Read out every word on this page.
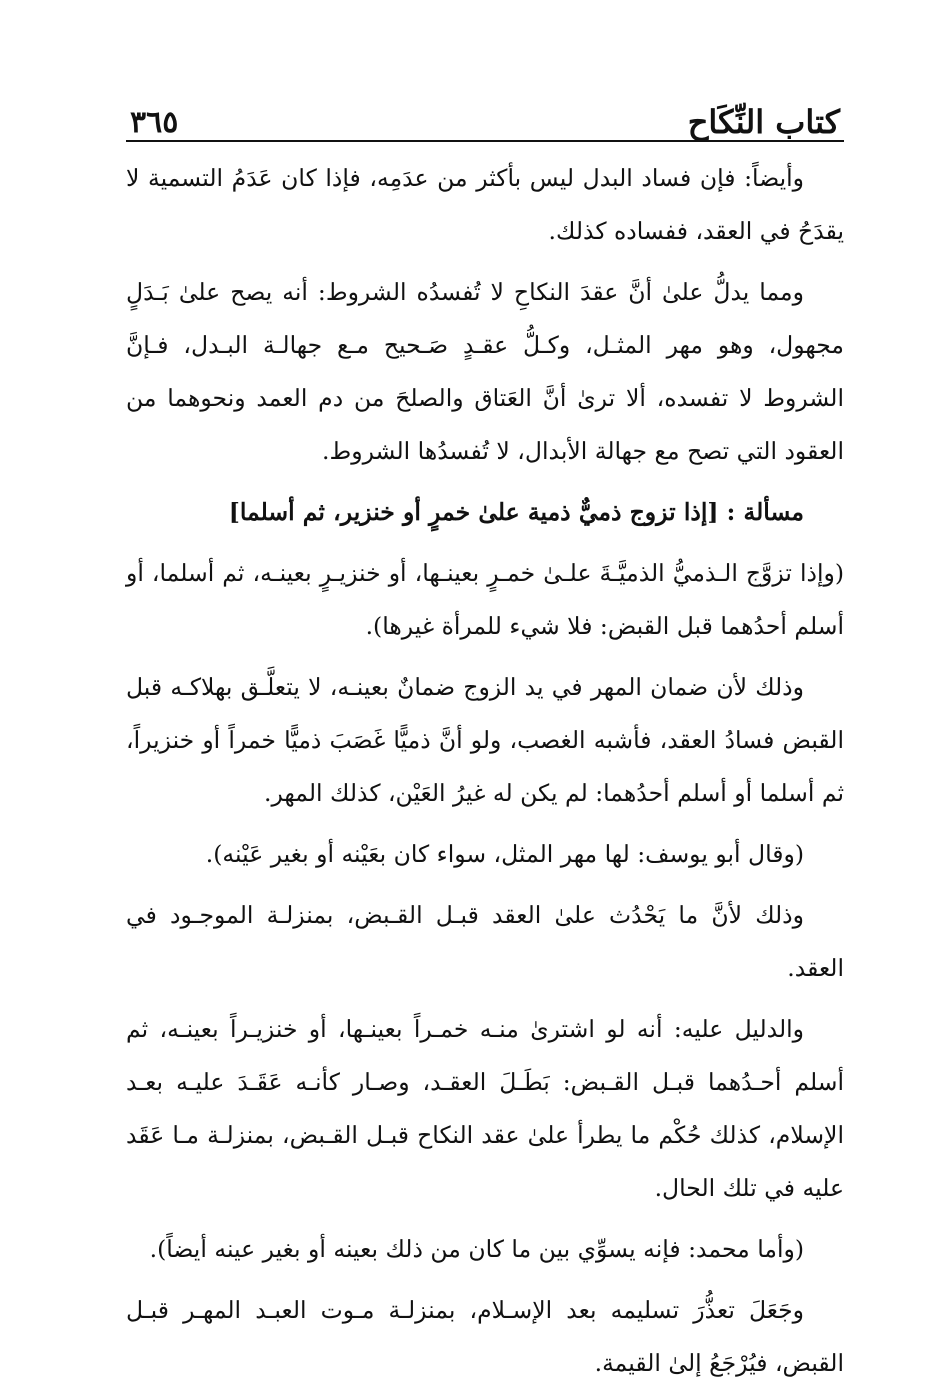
كتاب النِّكَاح
٣٦٥

وأيضاً: فإن فساد البدل ليس بأكثر من عدَمِه، فإذا كان عَدَمُ التسمية لا يقدَحُ في العقد، ففساده كذلك.

ومما يدلُّ علىٰ أنَّ عقدَ النكاحِ لا تُفسدُه الشروط: أنه يصح علىٰ بَـدَلٍ مجهول، وهو مهر المثـل، وكـلُّ عقـدٍ صَـحيح مـع جهالـة البـدل، فـإنَّ الشروط لا تفسده، ألا ترىٰ أنَّ العَتاق والصلحَ من دم العمد ونحوهما من العقود التي تصح مع جهالة الأبدال، لا تُفسدُها الشروط.

مسألة : [إذا تزوج ذميٌّ ذمية علىٰ خمرٍ أو خنزير، ثم أسلما]

(وإذا تزوَّج الـذميُّ الذميَّـةَ علـىٰ خمـرٍ بعينـها، أو خنزيـرٍ بعينـه، ثم أسلما، أو أسلم أحدُهما قبل القبض: فلا شيء للمرأة غيرها).

وذلك لأن ضمان المهر في يد الزوج ضمانٌ بعينـه، لا يتعلَّـق بهلاكـه قبل القبض فسادُ العقد، فأشبه الغصب، ولو أنَّ ذميًّا غَصَبَ ذميًّا خمراً أو خنزيراً، ثم أسلما أو أسلم أحدُهما: لم يكن له غيرُ العَيْن، كذلك المهر.

(وقال أبو يوسف: لها مهر المثل، سواء كان بعَيْنه أو بغير عَيْنه).

وذلك لأنَّ ما يَحْدُث علىٰ العقد قبـل القـبض، بمنزلـة الموجـود في العقد.

والدليل عليه: أنه لو اشترىٰ منـه خمـراً بعينـها، أو خنزيـراً بعينـه، ثم أسلم أحـدُهما قبـل القـبض: بَطَـلَ العقـد، وصـار كأنـه عَقَـدَ عليـه بعـد الإسلام، كذلك حُكْم ما يطرأ علىٰ عقد النكاح قبـل القـبض، بمنزلـة مـا عَقَد عليه في تلك الحال.

(وأما محمد: فإنه يسوِّي بين ما كان من ذلك بعينه أو بغير عينه أيضاً).

وجَعَلَ تعذُّرَ تسليمه بعد الإسـلام، بمنزلـة مـوت العبـد المهـر قبـل القبض، فيُرْجَعُ إلىٰ القيمة.
